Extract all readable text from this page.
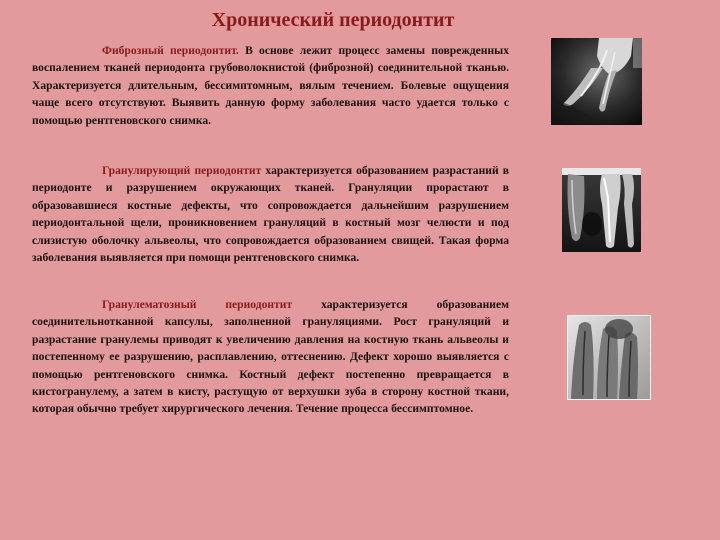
Хронический периодонтит
Фиброзный периодонтит. В основе лежит процесс замены поврежденных воспалением тканей периодонта грубоволокнистой (фиброзной) соединительной тканью. Характеризуется длительным, бессимптомным, вялым течением. Болевые ощущения чаще всего отсутствуют. Выявить данную форму заболевания часто удается только с помощью рентгеновского снимка.
Гранулирующий периодонтит характеризуется образованием разрастаний в периодонте и разрушением окружающих тканей. Грануляции прорастают в образовавшиеся костные дефекты, что сопровождается дальнейшим разрушением периодонтальной щели, проникновением грануляций в костный мозг челюсти и под слизистую оболочку альвеолы, что сопровождается образованием свищей. Такая форма заболевания выявляется при помощи рентгеновского снимка.
Гранулематозный периодонтит характеризуется образованием соединительнотканной капсулы, заполненной грануляциями. Рост грануляций и разрастание гранулемы приводят к увеличению давления на костную ткань альвеолы и постепенному ее разрушению, расплавлению, оттеснению. Дефект хорошо выявляется с помощью рентгеновского снимка. Костный дефект постепенно превращается в кистогранулему, а затем в кисту, растущую от верхушки зуба в сторону костной ткани, которая обычно требует хирургического лечения. Течение процесса бессимптомное.
